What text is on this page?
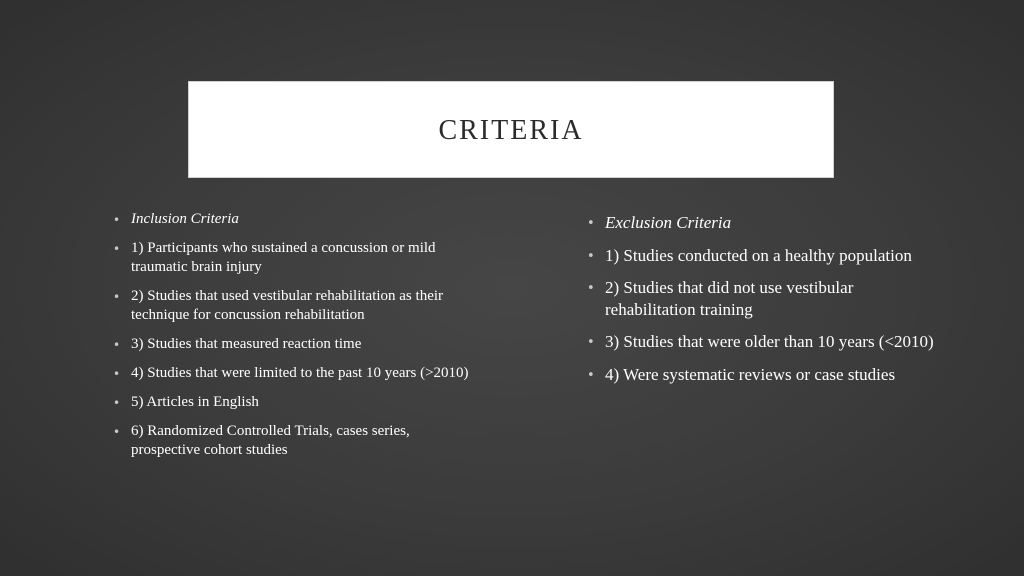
CRITERIA
• Inclusion Criteria
• 1) Participants who sustained a concussion or mild traumatic brain injury
• 2) Studies that used vestibular rehabilitation as their technique for concussion rehabilitation
• 3) Studies that measured reaction time
• 4) Studies that were limited to the past 10 years (>2010)
• 5) Articles in English
• 6) Randomized Controlled Trials, cases series, prospective cohort studies
• Exclusion Criteria
• 1) Studies conducted on a healthy population
• 2) Studies that did not use vestibular rehabilitation training
• 3) Studies that were older than 10 years (<2010)
• 4) Were systematic reviews or case studies
